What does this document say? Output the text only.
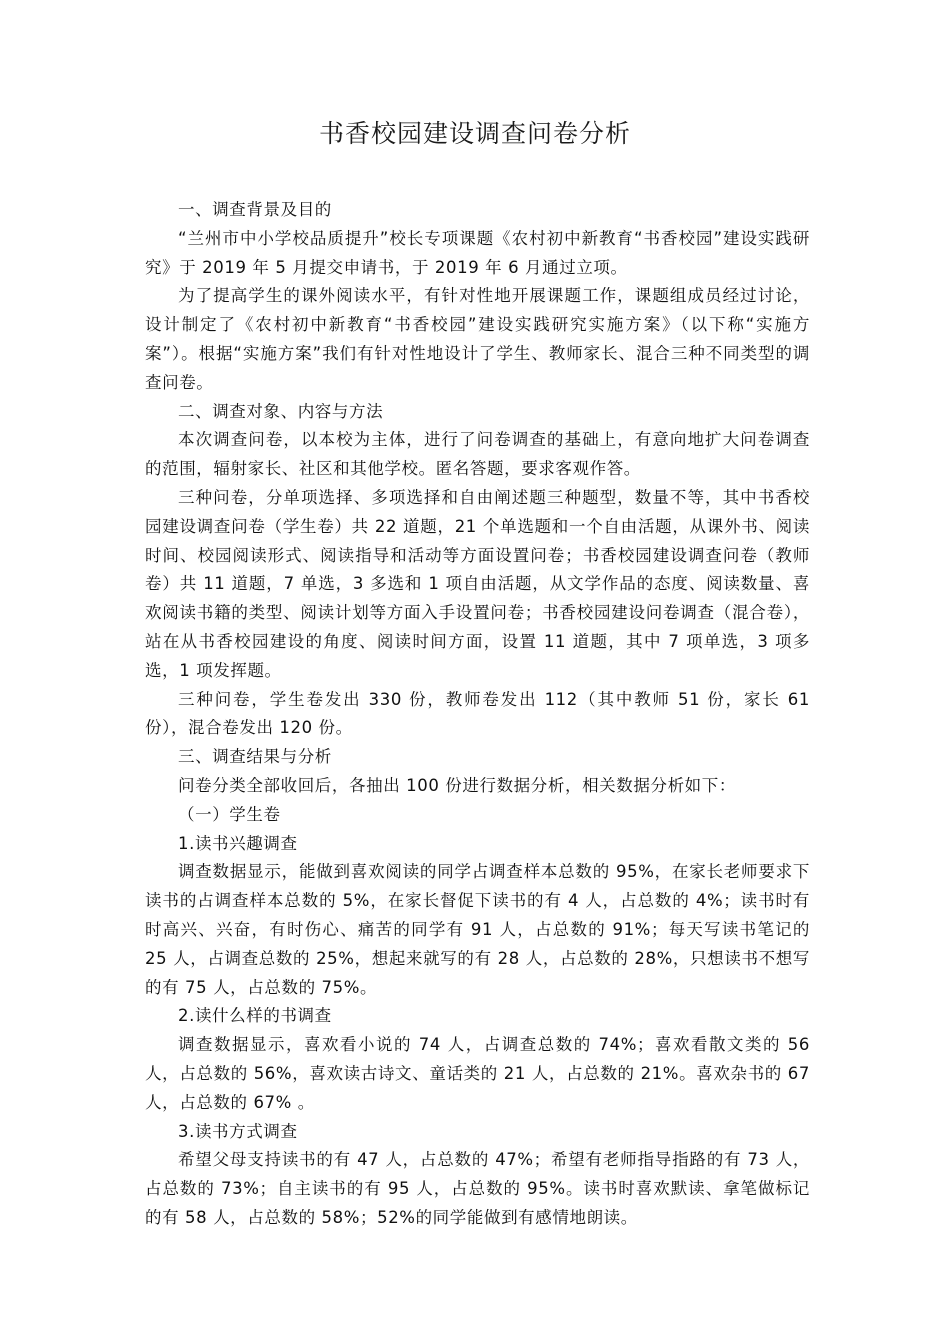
书香校园建设调查问卷分析

一、调查背景及目的

“兰州市中小学校品质提升”校长专项课题《农村初中新教育“书香校园”建设实践研究》于 2019 年 5 月提交申请书，于 2019 年 6 月通过立项。

为了提高学生的课外阅读水平，有针对性地开展课题工作，课题组成员经过讨论，设计制定了《农村初中新教育“书香校园”建设实践研究实施方案》（以下称“实施方案”）。根据“实施方案”我们有针对性地设计了学生、教师家长、混合三种不同类型的调查问卷。

二、调查对象、内容与方法

本次调查问卷，以本校为主体，进行了问卷调查的基础上，有意向地扩大问卷调查的范围，辐射家长、社区和其他学校。匿名答题，要求客观作答。

三种问卷，分单项选择、多项选择和自由阐述题三种题型，数量不等，其中书香校园建设调查问卷（学生卷）共 22 道题，21 个单选题和一个自由活题，从课外书、阅读时间、校园阅读形式、阅读指导和活动等方面设置问卷；书香校园建设调查问卷（教师卷）共 11 道题，7 单选，3 多选和 1 项自由活题，从文学作品的态度、阅读数量、喜欢阅读书籍的类型、阅读计划等方面入手设置问卷；书香校园建设问卷调查（混合卷），站在从书香校园建设的角度、阅读时间方面，设置 11 道题，其中 7 项单选，3 项多选，1 项发挥题。

三种问卷，学生卷发出 330 份，教师卷发出 112（其中教师 51 份，家长 61 份），混合卷发出 120 份。

三、调查结果与分析

问卷分类全部收回后，各抽出 100 份进行数据分析，相关数据分析如下：

（一）学生卷

1.读书兴趣调查

调查数据显示，能做到喜欢阅读的同学占调查样本总数的 95%，在家长老师要求下读书的占调查样本总数的 5%，在家长督促下读书的有 4 人，占总数的 4%；读书时有时高兴、兴奋，有时伤心、痛苦的同学有 91 人，占总数的 91%；每天写读书笔记的 25 人，占调查总数的 25%，想起来就写的有 28 人，占总数的 28%，只想读书不想写的有 75 人，占总数的 75%。

2.读什么样的书调查

调查数据显示，喜欢看小说的 74 人，占调查总数的 74%；喜欢看散文类的 56 人，占总数的 56%，喜欢读古诗文、童话类的 21 人，占总数的 21%。喜欢杂书的 67 人，占总数的 67% 。

3.读书方式调查

希望父母支持读书的有 47 人，占总数的 47%；希望有老师指导指路的有 73 人，占总数的 73%；自主读书的有 95 人，占总数的 95%。读书时喜欢默读、拿笔做标记的有 58 人，占总数的 58%；52%的同学能做到有感情地朗读。
